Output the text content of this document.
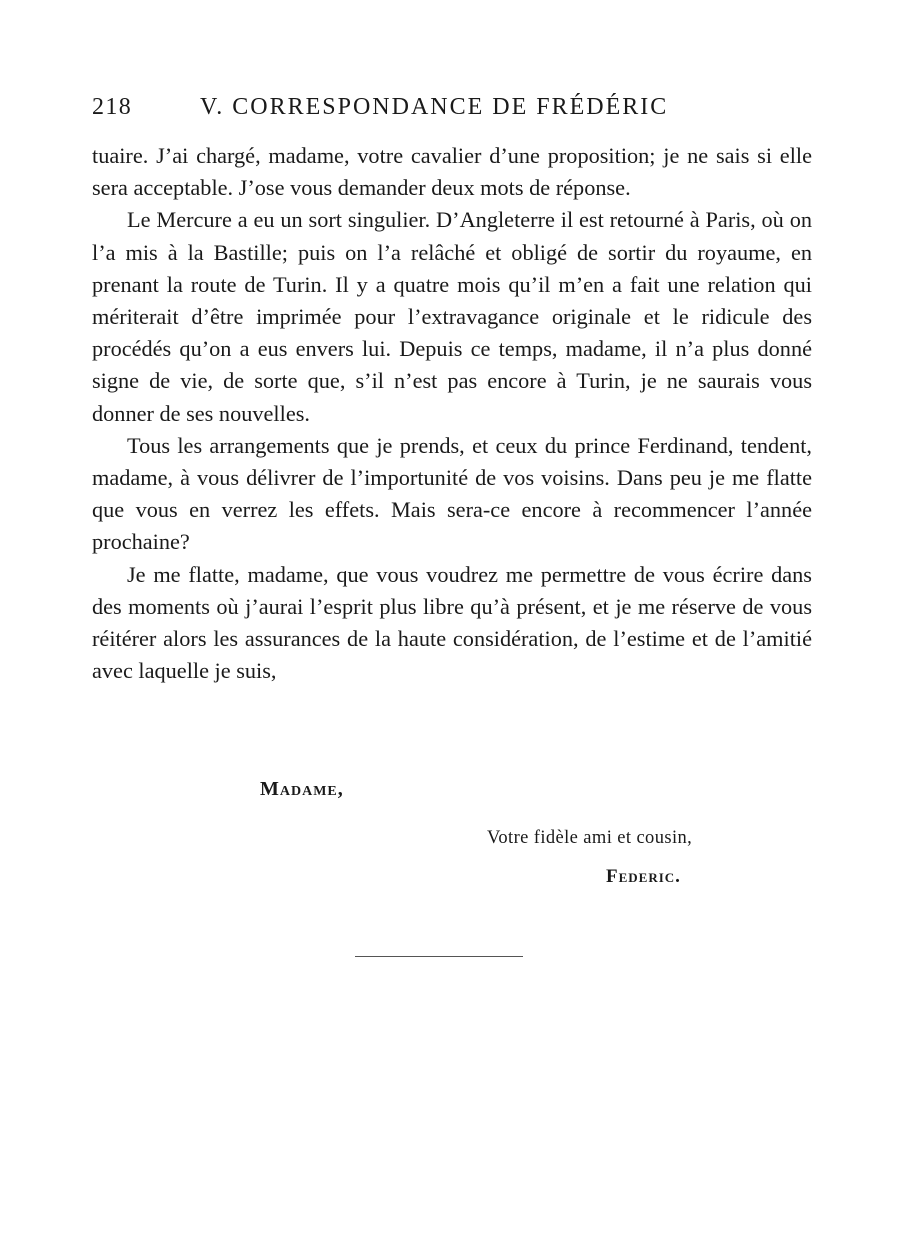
218	V. CORRESPONDANCE DE FRÉDÉRIC

tuaire. J’ai chargé, madame, votre cavalier d’une proposition; je ne sais si elle sera acceptable. J’ose vous demander deux mots de réponse.

Le Mercure a eu un sort singulier. D’Angleterre il est retourné à Paris, où on l’a mis à la Bastille; puis on l’a relâché et obligé de sortir du royaume, en prenant la route de Turin. Il y a quatre mois qu’il m’en a fait une relation qui mériterait d’être imprimée pour l’extravagance originale et le ridicule des procédés qu’on a eus envers lui. Depuis ce temps, madame, il n’a plus donné signe de vie, de sorte que, s’il n’est pas encore à Turin, je ne saurais vous donner de ses nouvelles.

Tous les arrangements que je prends, et ceux du prince Ferdinand, tendent, madame, à vous délivrer de l’importunité de vos voisins. Dans peu je me flatte que vous en verrez les effets. Mais sera-ce encore à recommencer l’année prochaine?

Je me flatte, madame, que vous voudrez me permettre de vous écrire dans des moments où j’aurai l’esprit plus libre qu’à présent, et je me réserve de vous réitérer alors les assurances de la haute considération, de l’estime et de l’amitié avec laquelle je suis,

Madame,
Votre fidèle ami et cousin,
Federic.
